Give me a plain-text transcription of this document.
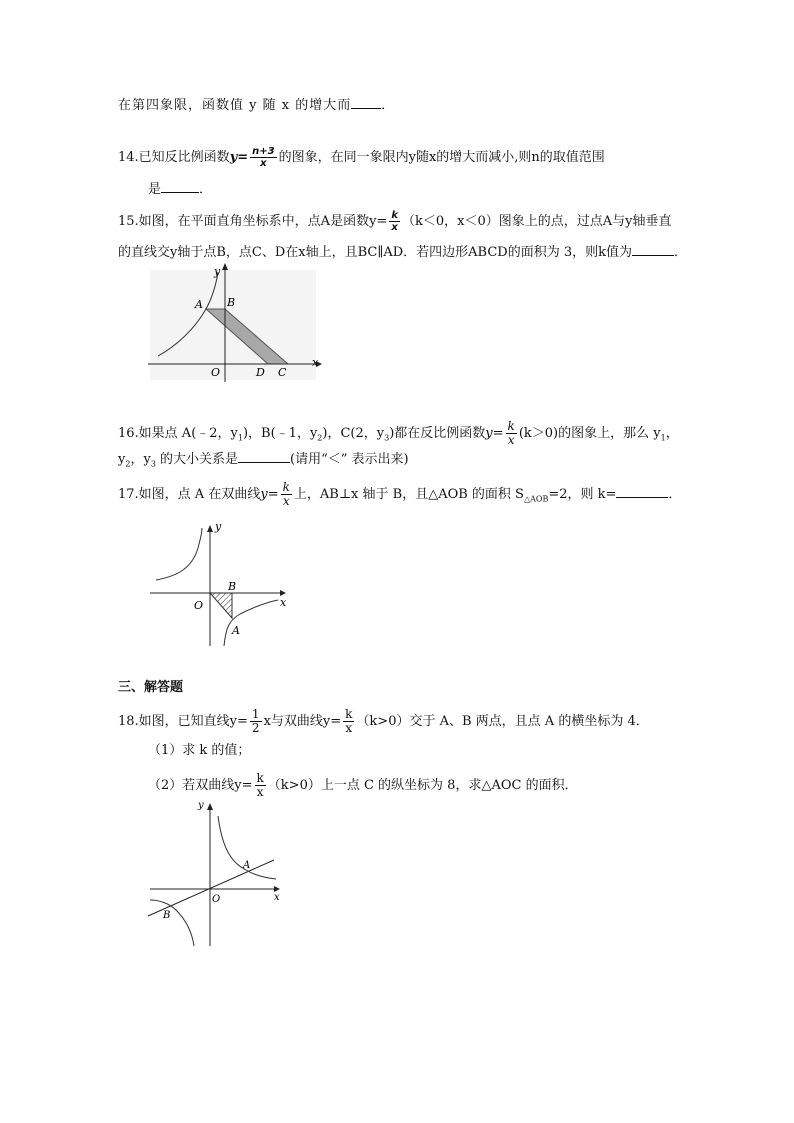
在第四象限，函数值 y 随 x 的增大而 ．
14.已知反比例函数$y= \frac{n+3}{x}$ 的图象，在同一象限内y随x的增大而减小,则n的取值范围
是	．
15.如图，在平面直角坐标系中，点A是函数$y= \frac{k}{x} (k<0$，x＜0）图象上的点，过点A与y轴垂直
的直线交y轴于点B，点C、D在x轴上，且BC∥AD．若四边形ABCD的面积为 3，则k值为	．
y
x
A B
O	D C
16.如果点 A(﹣2，$y_1$)，B(﹣1，$y_2$)，C(2，$y_3$)都在反比例函数$y= \frac{k}{x} (k>0)$的图象上，那么 $y_1$，
$y_2$，$y_3$ 的大小关系是	(请用“＜” 表示出来)
17.如图，点 A 在双曲线$y= \frac{k}{x}$ 上，AB⊥x 轴于 B，且△AOB 的面积 $S_{\triangle AOB}=2$，则 k=	．
y
x
O
B
A
三、解答题
18.如图，已知直线$y= \frac{1}{2}$ x与双曲线$y= \frac{k}{x} (k>0)$交于 A、B 两点，且点 A 的横坐标为 4．
（1）求 k 的值；
（2）若双曲线$y= \frac{k}{x} (k>0)$上一点 C 的纵坐标为 8，求△AOC 的面积．
y
x
O
A
B
